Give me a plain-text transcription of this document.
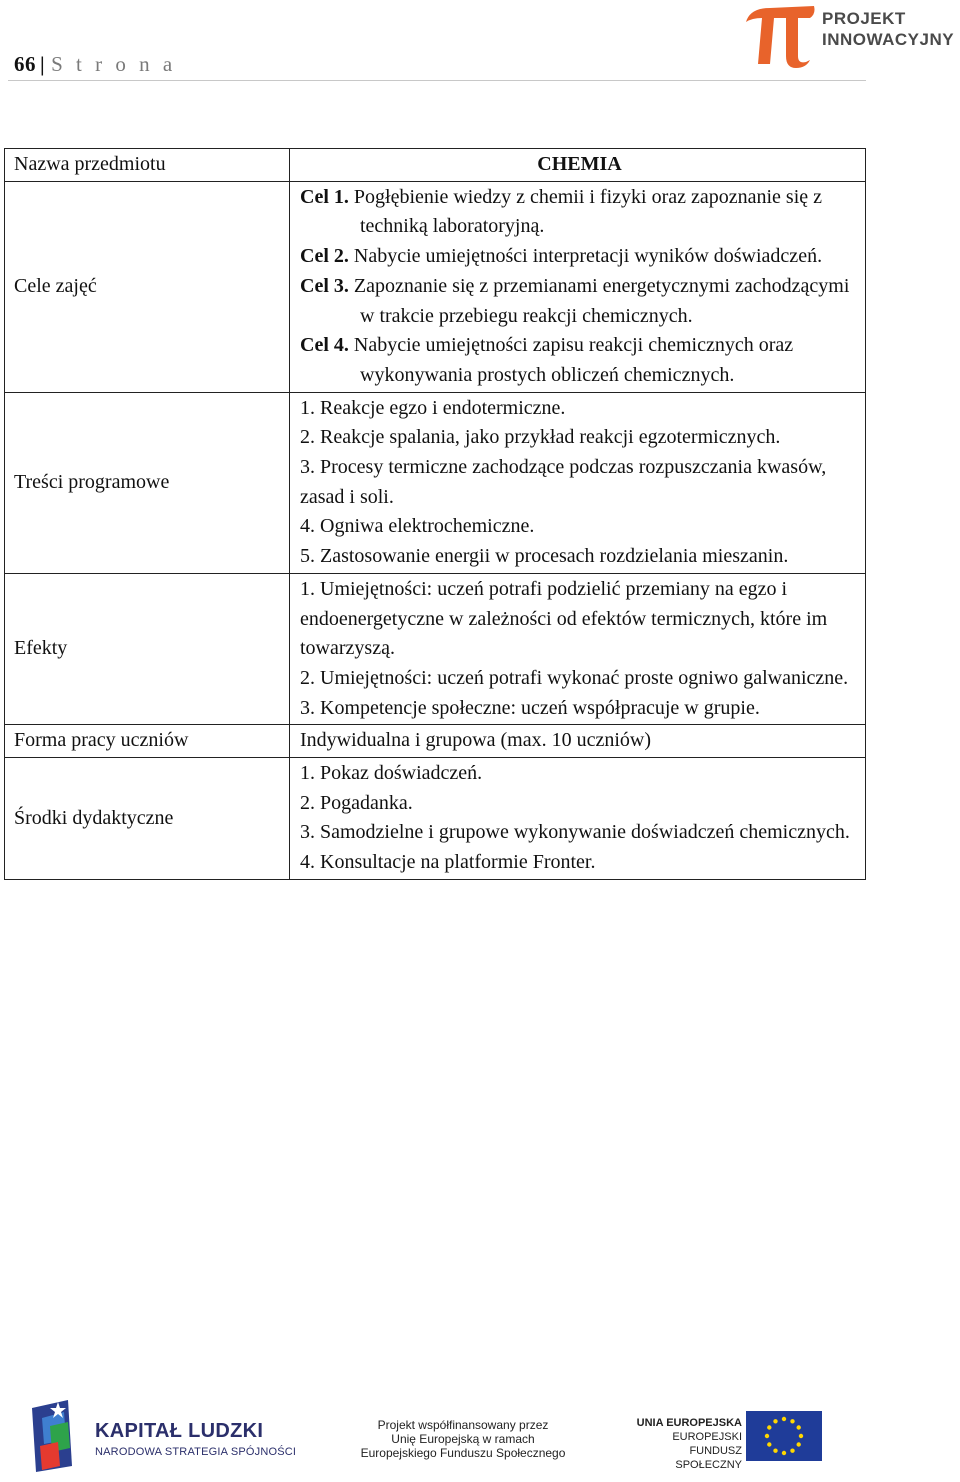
66 | S t r o n a
PROJEKT
INNOWACYJNY
Nazwa przedmiotu	CHEMIA
Cele zajęć	Cel 1. Pogłębienie wiedzy z chemii i fizyki oraz zapoznanie się z techniką laboratoryjną.
Cel 2. Nabycie umiejętności interpretacji wyników doświadczeń.
Cel 3. Zapoznanie się z przemianami energetycznymi zachodzącymi w trakcie przebiegu reakcji chemicznych.
Cel 4. Nabycie umiejętności zapisu reakcji chemicznych oraz wykonywania prostych obliczeń chemicznych.

Treści programowe	1. Reakcje egzo i endotermiczne.
2. Reakcje spalania, jako przykład reakcji egzotermicznych.
3. Procesy termiczne zachodzące podczas rozpuszczania kwasów, zasad i soli.
4. Ogniwa elektrochemiczne.
5. Zastosowanie energii w procesach rozdzielania mieszanin.

Efekty	1. Umiejętności: uczeń potrafi podzielić przemiany na egzo i endoenergetyczne w zależności od efektów termicznych, które im towarzyszą.
2. Umiejętności: uczeń potrafi wykonać proste ogniwo galwaniczne.
3. Kompetencje społeczne: uczeń współpracuje w grupie.

Forma pracy uczniów	Indywidualna i grupowa (max. 10 uczniów)
Środki dydaktyczne	1. Pokaz doświadczeń.
2. Pogadanka.
3. Samodzielne i grupowe wykonywanie doświadczeń chemicznych.
4. Konsultacje na platformie Fronter.
KAPITAŁ LUDZKI
NARODOWA STRATEGIA SPÓJNOŚCI
Projekt współfinansowany przez
Unię Europejską w ramach
Europejskiego Funduszu Społecznego
UNIA EUROPEJSKA
EUROPEJSKI
FUNDUSZ SPOŁECZNY
